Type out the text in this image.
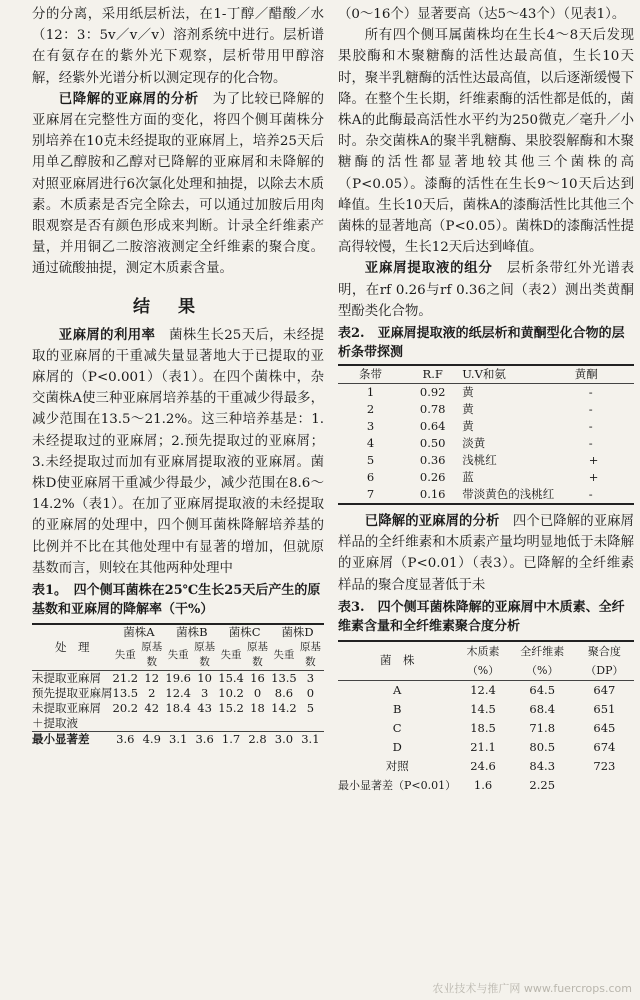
分的分离，采用纸层析法，在1-丁醇／醋酸／水（12：3：5v／v／v）溶剂系统中进行。层析谱在有氨存在的紫外光下观察，层析带用甲醇溶解，经紫外光谱分析以测定现存的化合物。

已降解的亚麻屑的分析　 为了比较已降解的亚麻屑在完整性方面的变化，将四个侧耳菌株分别培养在10克未经提取的亚麻屑上，培养25天后用单乙醇胺和乙醇对已降解的亚麻屑和未降解的对照亚麻屑进行6次氯化处理和抽提，以除去木质素。木质素是否完全除去，可以通过加胺后用肉眼观察是否有颜色形成来判断。计录全纤维素产量，并用铜乙二胺溶液测定全纤维素的聚合度。通过硫酸抽提，测定木质素含量。

结果

亚麻屑的利用率　 菌株生长25天后，未经提取的亚麻屑的干重减失量显著地大于已提取的亚麻屑的（P<0.001）（表1）。在四个菌株中，杂交菌株A使三种亚麻屑培养基的干重减少得最多，减少范围在13.5～21.2%。这三种培养基是：1.未经提取过的亚麻屑；2.预先提取过的亚麻屑；3.未经提取过而加有亚麻屑提取液的亚麻屑。菌株D使亚麻屑干重减少得最少，减少范围在8.6～14.2%（表1）。在加了亚麻屑提取液的未经提取的亚麻屑的处理中，四个侧耳菌株降解培养基的比例并不比在其他处理中有显著的增加，但就原基数而言，则较在其他两种处理中

表1。　 四个侧耳菌株在25℃生长25天后产生的原基数和亚麻屑的降解率（干%）
处　理	菌株A		菌株B		菌株C		菌株D	
	失重	原基数	失重	原基数	失重	原基数	失重	原基数
未提取亚麻屑	21.2	12	19.6	10	15.4	16	13.5	3
预先提取亚麻屑	13.5	2	12.4	3	10.2	0	8.6	0
未提取亚麻屑	20.2	42	18.4	43	15.2	18	14.2	5
＋提取液								
最小显著差	3.6	4.9	3.1	3.6	1.7	2.8	3.0	3.1

（0～16个）显著要高（达5～43个）（见表1）。

所有四个侧耳属菌株均在生长4～8天后发现果胶酶和木聚糖酶的活性达最高值，生长10天时，聚半乳糖酶的活性达最高值，以后逐渐缓慢下降。在整个生长期，纤维素酶的活性都是低的，菌株A的此酶最高活性水平约为250微克／毫升／小时。杂交菌株A的聚半乳糖酶、果胶裂解酶和木聚糖酶的活性都显著地较其他三个菌株的高（P<0.05）。漆酶的活性在生长9～10天后达到峰值。生长10天后，菌株A的漆酶活性比其他三个菌株的显著地高（P<0.05）。菌株D的漆酶活性提高得较慢，生长12天后达到峰值。

亚麻屑提取液的组分　 层析条带红外光谱表明，在rf 0.26与rf 0.36之间（表2）测出类黄酮型酚类化合物。

表2.　 亚麻屑提取液的纸层析和黄酮型化合物的层析条带探测
条带	R.F	U.V和氨	黄酮
1	0.92	黄	-
2	0.78	黄	-
3	0.64	黄	-
4	0.50	淡黄	-
5	0.36	浅桃红	+
6	0.26	蓝	+
7	0.16	带淡黄色的浅桃红	-

已降解的亚麻屑的分析　 四个已降解的亚麻屑样品的全纤维素和木质素产量均明显地低于未降解的亚麻屑（P<0.01）（表3）。已降解的全纤维素样品的聚合度显著低于未

表3.　 四个侧耳菌株降解的亚麻屑中木质素、全纤维素含量和全纤维素聚合度分析
菌　株	木质素（%）	全纤维素（%）	聚合度（DP）
A	12.4	64.5	647
B	14.5	68.4	651
C	18.5	71.8	645
D	21.1	80.5	674
对照	24.6	84.3	723
最小显著差（P<0.01）	1.6	2.25	
农业技术与推广网 www.fuercrops.com
